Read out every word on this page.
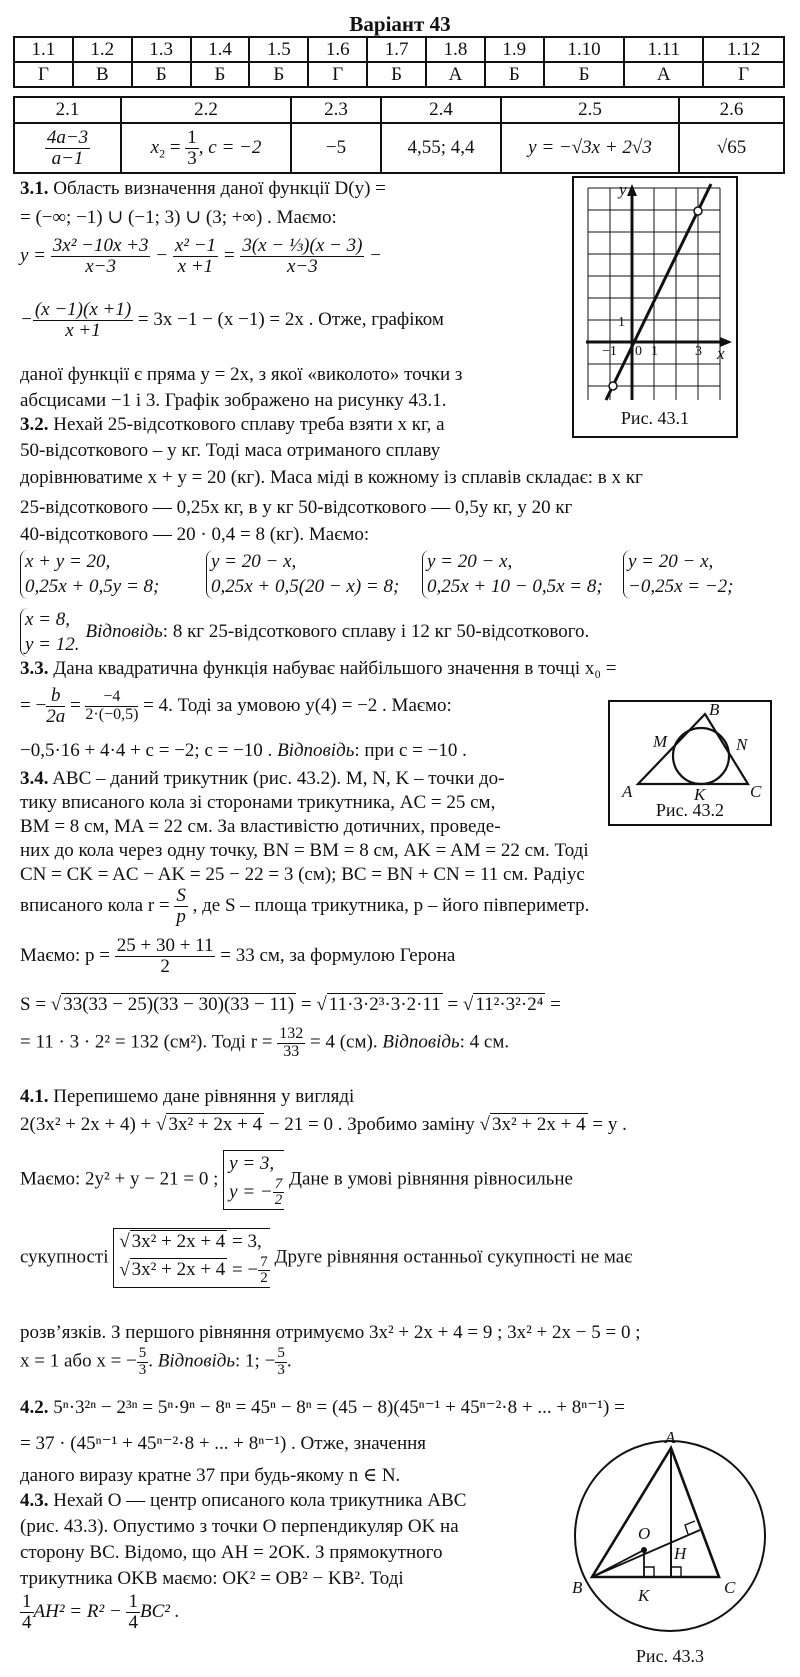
Варіант 43
1.1	1.2	1.3	1.4	1.5	1.6	1.7	1.8	1.9	1.10	1.11	1.12
Г	В	Б	Б	Б	Г	Б	А	Б	Б	А	Г
2.1	2.2	2.3	2.4	2.5	2.6

$\frac{4a-3}{a-1}$	$x_2 = \frac{1}{3}$ , c = −2	−5	4,55; 4,4	y = −√3x + 2√3	√65
3.1. Область визначення даної функції D(y) =
= (−∞; −1) ∪ (−1; 3) ∪ (3; +∞) . Маємо:
$y = \frac{\text{3x² −10x +3}}{x-3} - \frac{\text{x² −1}}{x +1} = \frac{\text{3(x − ⅓)(x − 3)}}{x-3}$ −
− $\frac{(x -1)(x +1)}{x +1} = 3x -1 - (x -1) = 2x$ . Отже, графіком
даної функції є пряма y = 2x, з якої «виколото» точки з
абсцисами −1 і 3. Графік зображено на рисунку 43.1.
y
x
1
−1 0 1	3
Рис. 43.1
3.2. Нехай 25-відсоткового сплаву треба взяти x кг, а
50-відсоткового – y кг. Тоді маса отриманого сплаву
дорівнюватиме x + y = 20 (кг). Маса міді в кожному із сплавів складає: в x кг
25-відсоткового — 0,25x кг, в y кг 50-відсоткового — 0,5y кг, у 20 кг
40-відсоткового — 20 · 0,4 = 8 (кг). Маємо:
x + y = 20,
0,25x + 0,5y = 8;
y = 20 − x,
0,25x + 0,5(20 − x) = 8;
y = 20 − x,
0,25x + 10 − 0,5x = 8;
y = 20 − x,
−0,25x = −2;
x = 8,
y = 12.Відповідь: 8 кг 25-відсоткового сплаву і 12 кг 50-відсоткового.
3.3. Дана квадратична функція набуває найбільшого значення в точці x₀ =
= − $\frac{b}{2a} = \frac{-4}{2\cdot(-0,5)} = 4$. Тоді за умовою y(4) = −2 . Маємо:
−0,5·16 + 4·4 + c = −2; c = −10 . Відповідь: при c = −10 .
B
M	N
A	K	C
Рис. 43.2
3.4. ABC – даний трикутник (рис. 43.2). M, N, K – точки до-
тику вписаного кола зі сторонами трикутника, AC = 25 см,
BM = 8 см, MA = 22 см. За властивістю дотичних, проведе-
них до кола через одну точку, BN = BM = 8 см, AK = AM = 22 см. Тоді
CN = CK = AC − AK = 25 − 22 = 3 (см); BC = BN + CN = 11 см. Радіус
вписаного кола $r = \frac{S}{p}$ , де S – площа трикутника, p – його півпериметр.
Маємо: $p = \frac{25 + 30 + 11}{2} = 33$ см, за формулою Герона
S = √ 33(33 − 25)(33 − 30)(33 − 11) = √ 11·3·2³·3·2·11 = √ 11²·3²·2⁴ =
= 11 · 3 · 2² = 132 (см²). Тоді $r = \frac{132}{33} = 4$ (см). Відповідь: 4 см.
4.1. Перепишемо дане рівняння у вигляді
2(3x² + 2x + 4) + √ 3x² + 2x + 4 − 21 = 0 . Зробимо заміну √ 3x² + 2x + 4 = y .
Маємо: 2y² + y − 21 = 0 ; y = 3,
y = − $\frac{7}{2}$ Дане в умові рівняння рівносильне
сукупності √ 3x² + 2x + 4 = 3,
√ 3x² + 2x + 4 = − $\frac{7}{2}$ Друге рівняння останньої сукупності не має
розв’язків. З першого рівняння отримуємо 3x² + 2x + 4 = 9 ; 3x² + 2x − 5 = 0 ;
x = 1 або x = − $\frac{5}{3}$ . Відповідь: 1; − $\frac{5}{3}$ .
4.2. 5ⁿ·3²ⁿ − 2³ⁿ = 5ⁿ·9ⁿ − 8ⁿ = 45ⁿ − 8ⁿ = (45 − 8)(45ⁿ⁻¹ + 45ⁿ⁻²·8 + ... + 8ⁿ⁻¹) =
= 37 · (45ⁿ⁻¹ + 45ⁿ⁻²·8 + ... + 8ⁿ⁻¹) . Отже, значення
даного виразу кратне 37 при будь-якому n ∈ N.
4.3. Нехай O — центр описаного кола трикутника ABC
(рис. 43.3). Опустимо з точки O перпендикуляр OK на
сторону BC. Відомо, що AH = 2OK. З прямокутного
трикутника OKB маємо: OK² = OB² − KB². Тоді
$\frac{1}{4} AH^2 = R^2 - \frac{1}{4} BC^2$ .
A
B	C
O
H
K
Рис. 43.3
